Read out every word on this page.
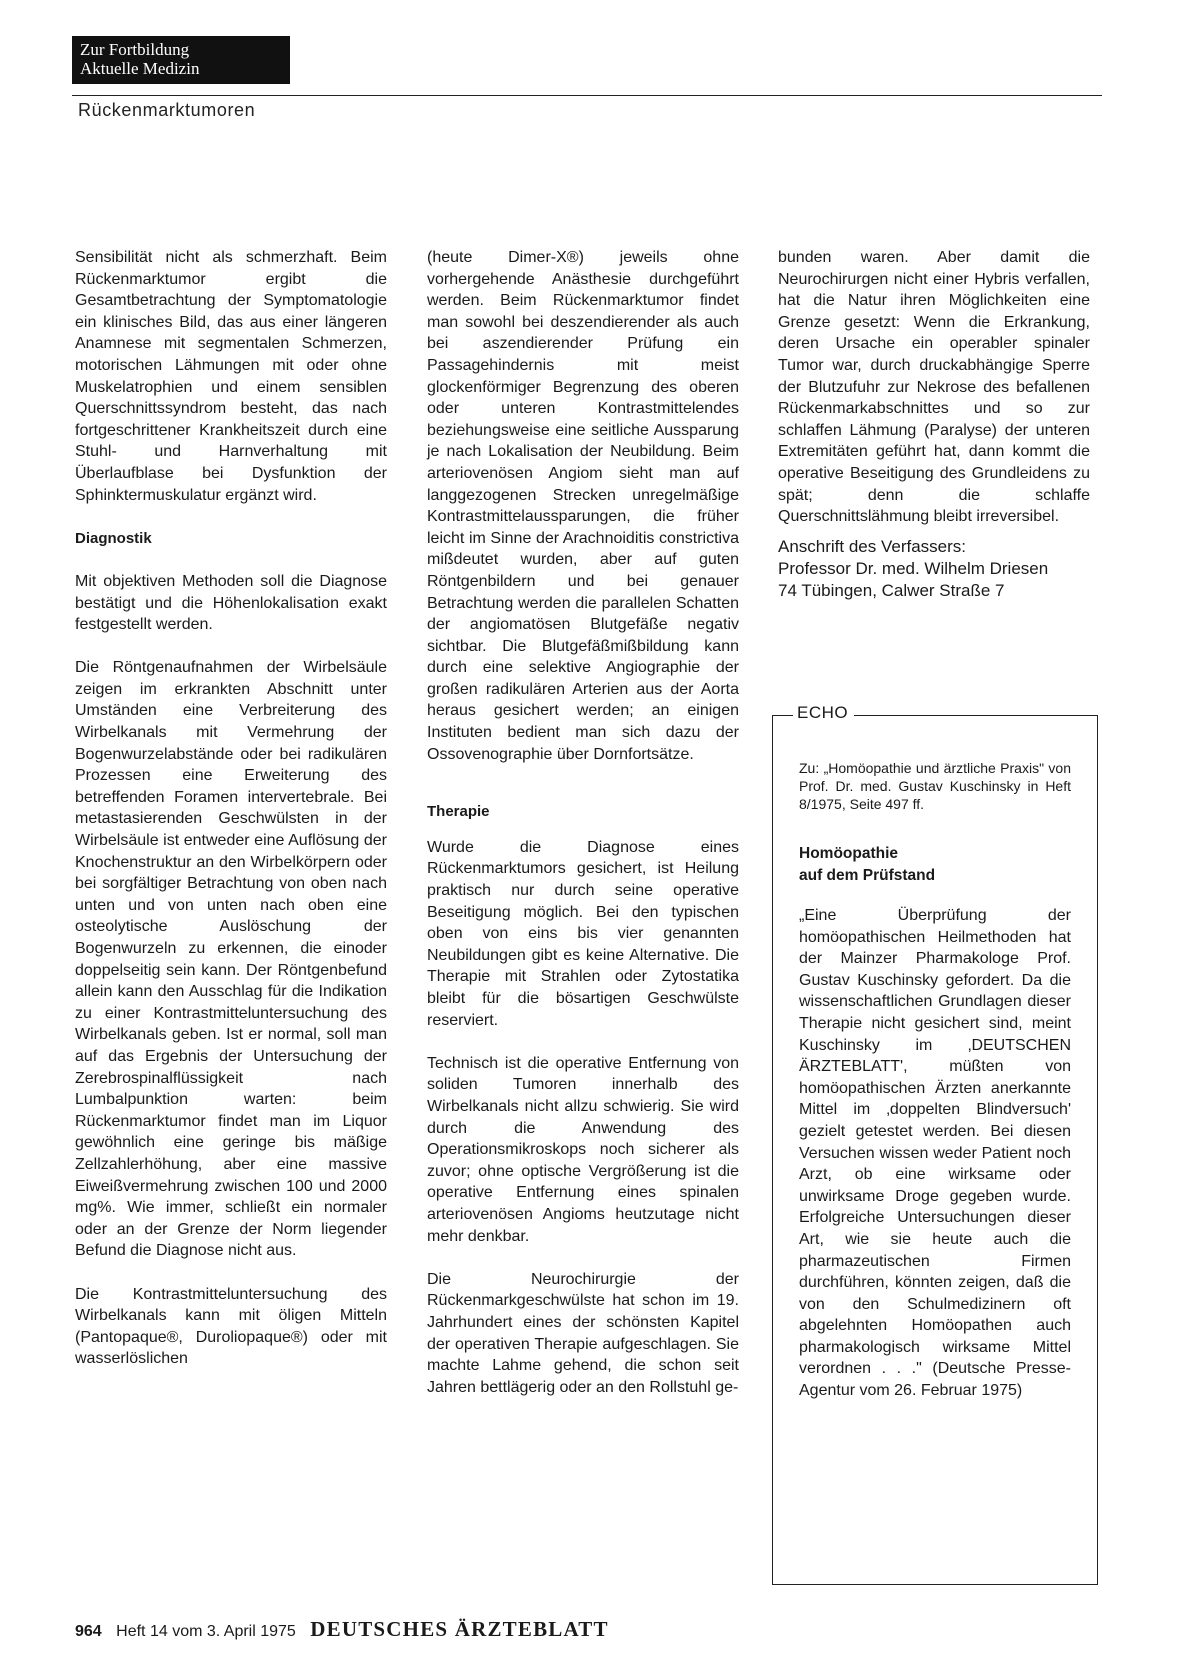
Zur Fortbildung
Aktuelle Medizin
Rückenmarktumoren

Sensibilität nicht als schmerzhaft. Beim Rückenmarktumor ergibt die Gesamtbetrachtung der Symptomatologie ein klinisches Bild, das aus einer längeren Anamnese mit segmentalen Schmerzen, motorischen Lähmungen mit oder ohne Muskelatrophien und einem sensiblen Querschnittssyndrom besteht, das nach fortgeschrittener Krankheitszeit durch eine Stuhl- und Harnverhaltung mit Überlaufblase bei Dysfunktion der Sphinktermuskulatur ergänzt wird.

Diagnostik

Mit objektiven Methoden soll die Diagnose bestätigt und die Höhenlokalisation exakt festgestellt werden.

Die Röntgenaufnahmen der Wirbelsäule zeigen im erkrankten Abschnitt unter Umständen eine Verbreiterung des Wirbelkanals mit Vermehrung der Bogenwurzelabstände oder bei radikulären Prozessen eine Erweiterung des betreffenden Foramen intervertebrale. Bei metastasierenden Geschwülsten in der Wirbelsäule ist entweder eine Auflösung der Knochenstruktur an den Wirbelkörpern oder bei sorgfältiger Betrachtung von oben nach unten und von unten nach oben eine osteolytische Auslöschung der Bogenwurzeln zu erkennen, die einoder doppelseitig sein kann. Der Röntgenbefund allein kann den Ausschlag für die Indikation zu einer Kontrastmitteluntersuchung des Wirbelkanals geben. Ist er normal, soll man auf das Ergebnis der Untersuchung der Zerebrospinalflüssigkeit nach Lumbalpunktion warten: beim Rückenmarktumor findet man im Liquor gewöhnlich eine geringe bis mäßige Zellzahlerhöhung, aber eine massive Eiweißvermehrung zwischen 100 und 2000 mg%. Wie immer, schließt ein normaler oder an der Grenze der Norm liegender Befund die Diagnose nicht aus.

Die Kontrastmitteluntersuchung des Wirbelkanals kann mit öligen Mitteln (Pantopaque®, Duroliopaque®) oder mit wasserlöslichen

(heute Dimer-X®) jeweils ohne vorhergehende Anästhesie durchgeführt werden. Beim Rückenmarktumor findet man sowohl bei deszendierender als auch bei aszendierender Prüfung ein Passagehindernis mit meist glockenförmiger Begrenzung des oberen oder unteren Kontrastmittelendes beziehungsweise eine seitliche Aussparung je nach Lokalisation der Neubildung. Beim arteriovenösen Angiom sieht man auf langgezogenen Strecken unregelmäßige Kontrastmittelaussparungen, die früher leicht im Sinne der Arachnoiditis constrictiva mißdeutet wurden, aber auf guten Röntgenbildern und bei genauer Betrachtung werden die parallelen Schatten der angiomatösen Blutgefäße negativ sichtbar. Die Blutgefäßmißbildung kann durch eine selektive Angiographie der großen radikulären Arterien aus der Aorta heraus gesichert werden; an einigen Instituten bedient man sich dazu der Ossovenographie über Dornfortsätze.

Therapie

Wurde die Diagnose eines Rückenmarktumors gesichert, ist Heilung praktisch nur durch seine operative Beseitigung möglich. Bei den typischen oben von eins bis vier genannten Neubildungen gibt es keine Alternative. Die Therapie mit Strahlen oder Zytostatika bleibt für die bösartigen Geschwülste reserviert.

Technisch ist die operative Entfernung von soliden Tumoren innerhalb des Wirbelkanals nicht allzu schwierig. Sie wird durch die Anwendung des Operationsmikroskops noch sicherer als zuvor; ohne optische Vergrößerung ist die operative Entfernung eines spinalen arteriovenösen Angioms heutzutage nicht mehr denkbar.

Die Neurochirurgie der Rückenmarkgeschwülste hat schon im 19. Jahrhundert eines der schönsten Kapitel der operativen Therapie aufgeschlagen. Sie machte Lahme gehend, die schon seit Jahren bettlägerig oder an den Rollstuhl ge-

bunden waren. Aber damit die Neurochirurgen nicht einer Hybris verfallen, hat die Natur ihren Möglichkeiten eine Grenze gesetzt: Wenn die Erkrankung, deren Ursache ein operabler spinaler Tumor war, durch druckabhängige Sperre der Blutzufuhr zur Nekrose des befallenen Rückenmarkabschnittes und so zur schlaffen Lähmung (Paralyse) der unteren Extremitäten geführt hat, dann kommt die operative Beseitigung des Grundleidens zu spät; denn die schlaffe Querschnittslähmung bleibt irreversibel.

Anschrift des Verfassers:

Professor Dr. med. Wilhelm Driesen

74 Tübingen, Calwer Straße 7

ECHO

Zu: „Homöopathie und ärztliche Praxis" von Prof. Dr. med. Gustav Kuschinsky in Heft 8/1975, Seite 497 ff.

Homöopathie
auf dem Prüfstand

„Eine Überprüfung der homöopathischen Heilmethoden hat der Mainzer Pharmakologe Prof. Gustav Kuschinsky gefordert. Da die wissenschaftlichen Grundlagen dieser Therapie nicht gesichert sind, meint Kuschinsky im ‚DEUTSCHEN ÄRZTEBLATT', müßten von homöopathischen Ärzten anerkannte Mittel im ‚doppelten Blindversuch' gezielt getestet werden. Bei diesen Versuchen wissen weder Patient noch Arzt, ob eine wirksame oder unwirksame Droge gegeben wurde. Erfolgreiche Untersuchungen dieser Art, wie sie heute auch die pharmazeutischen Firmen durchführen, könnten zeigen, daß die von den Schulmedizinern oft abgelehnten Homöopathen auch pharmakologisch wirksame Mittel verordnen . . ." (Deutsche Presse-Agentur vom 26. Februar 1975)

964 Heft 14 vom 3. April 1975 DEUTSCHES ÄRZTEBLATT
